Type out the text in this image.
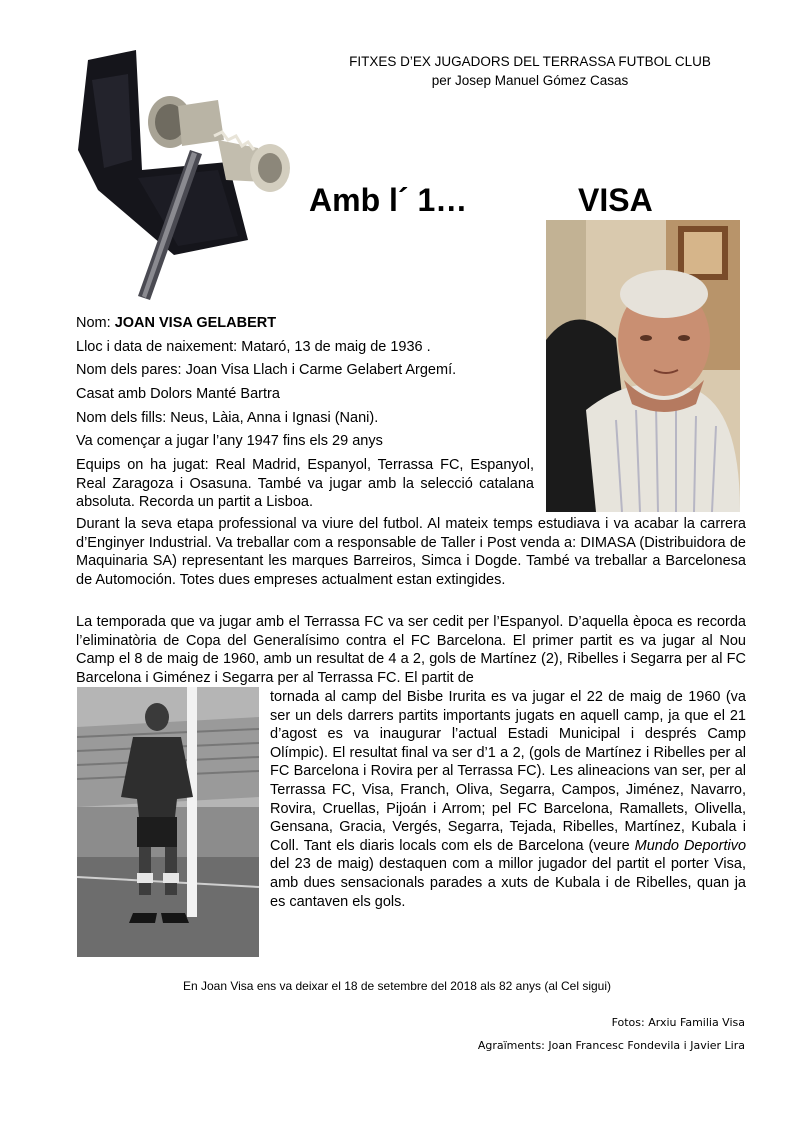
FITXES D’EX JUGADORS DEL TERRASSA FUTBOL CLUB
per Josep Manuel Gómez Casas
Amb l´ 1…	VISA
Nom: JOAN VISA GELABERT
Lloc i data de naixement: Mataró, 13 de maig de 1936 .
Nom dels pares: Joan Visa Llach i Carme Gelabert Argemí.
Casat amb Dolors Manté Bartra
Nom dels fills: Neus, Làia, Anna i Ignasi (Nani).
Va començar a jugar l’any 1947 fins els 29 anys
Equips on ha jugat: Real Madrid, Espanyol, Terrassa FC, Espanyol, Real Zaragoza i Osasuna. També va jugar amb la selecció catalana absoluta. Recorda un partit a Lisboa.
Durant la seva etapa professional va viure del futbol. Al mateix temps estudiava i va acabar la carrera d’Enginyer Industrial. Va treballar com a responsable de Taller i Post venda a: DIMASA (Distribuidora de Maquinaria SA) representant les marques Barreiros, Simca i Dogde. També va treballar a Barcelonesa de Automoción. Totes dues empreses actualment estan extingides.
La temporada que va jugar amb el Terrassa FC va ser cedit per l’Espanyol. D’aquella època es recorda l’eliminatòria de Copa del Generalísimo contra el FC Barcelona. El primer partit es va jugar al Nou Camp el 8 de maig de 1960, amb un resultat de 4 a 2, gols de Martínez (2), Ribelles i Segarra per al FC Barcelona i Giménez i Segarra per al Terrassa FC. El partit de
tornada al camp del Bisbe Irurita es va jugar el 22 de maig de 1960 (va ser un dels darrers partits importants jugats en aquell camp, ja que el 21 d’agost es va inaugurar l’actual Estadi Municipal i després Camp Olímpic). El resultat final va ser d’1 a 2, (gols de Martínez i Ribelles per al FC Barcelona i Rovira per al Terrassa FC). Les alineacions van ser, per al Terrassa FC, Visa, Franch, Oliva, Segarra, Campos, Jiménez, Navarro, Rovira, Cruellas, Pijoán i Arrom; pel FC Barcelona, Ramallets, Olivella, Gensana, Gracia, Vergés, Segarra, Tejada, Ribelles, Martínez, Kubala i Coll. Tant els diaris locals com els de Barcelona (veure Mundo Deportivo del 23 de maig) destaquen com a millor jugador del partit el porter Visa, amb dues sensacionals parades a xuts de Kubala i de Ribelles, quan ja es cantaven els gols.
En Joan Visa ens va deixar el 18 de setembre del 2018 als 82 anys (al Cel sigui)
Fotos: Arxiu Familia Visa
Agraïments: Joan Francesc Fondevila i Javier Lira
